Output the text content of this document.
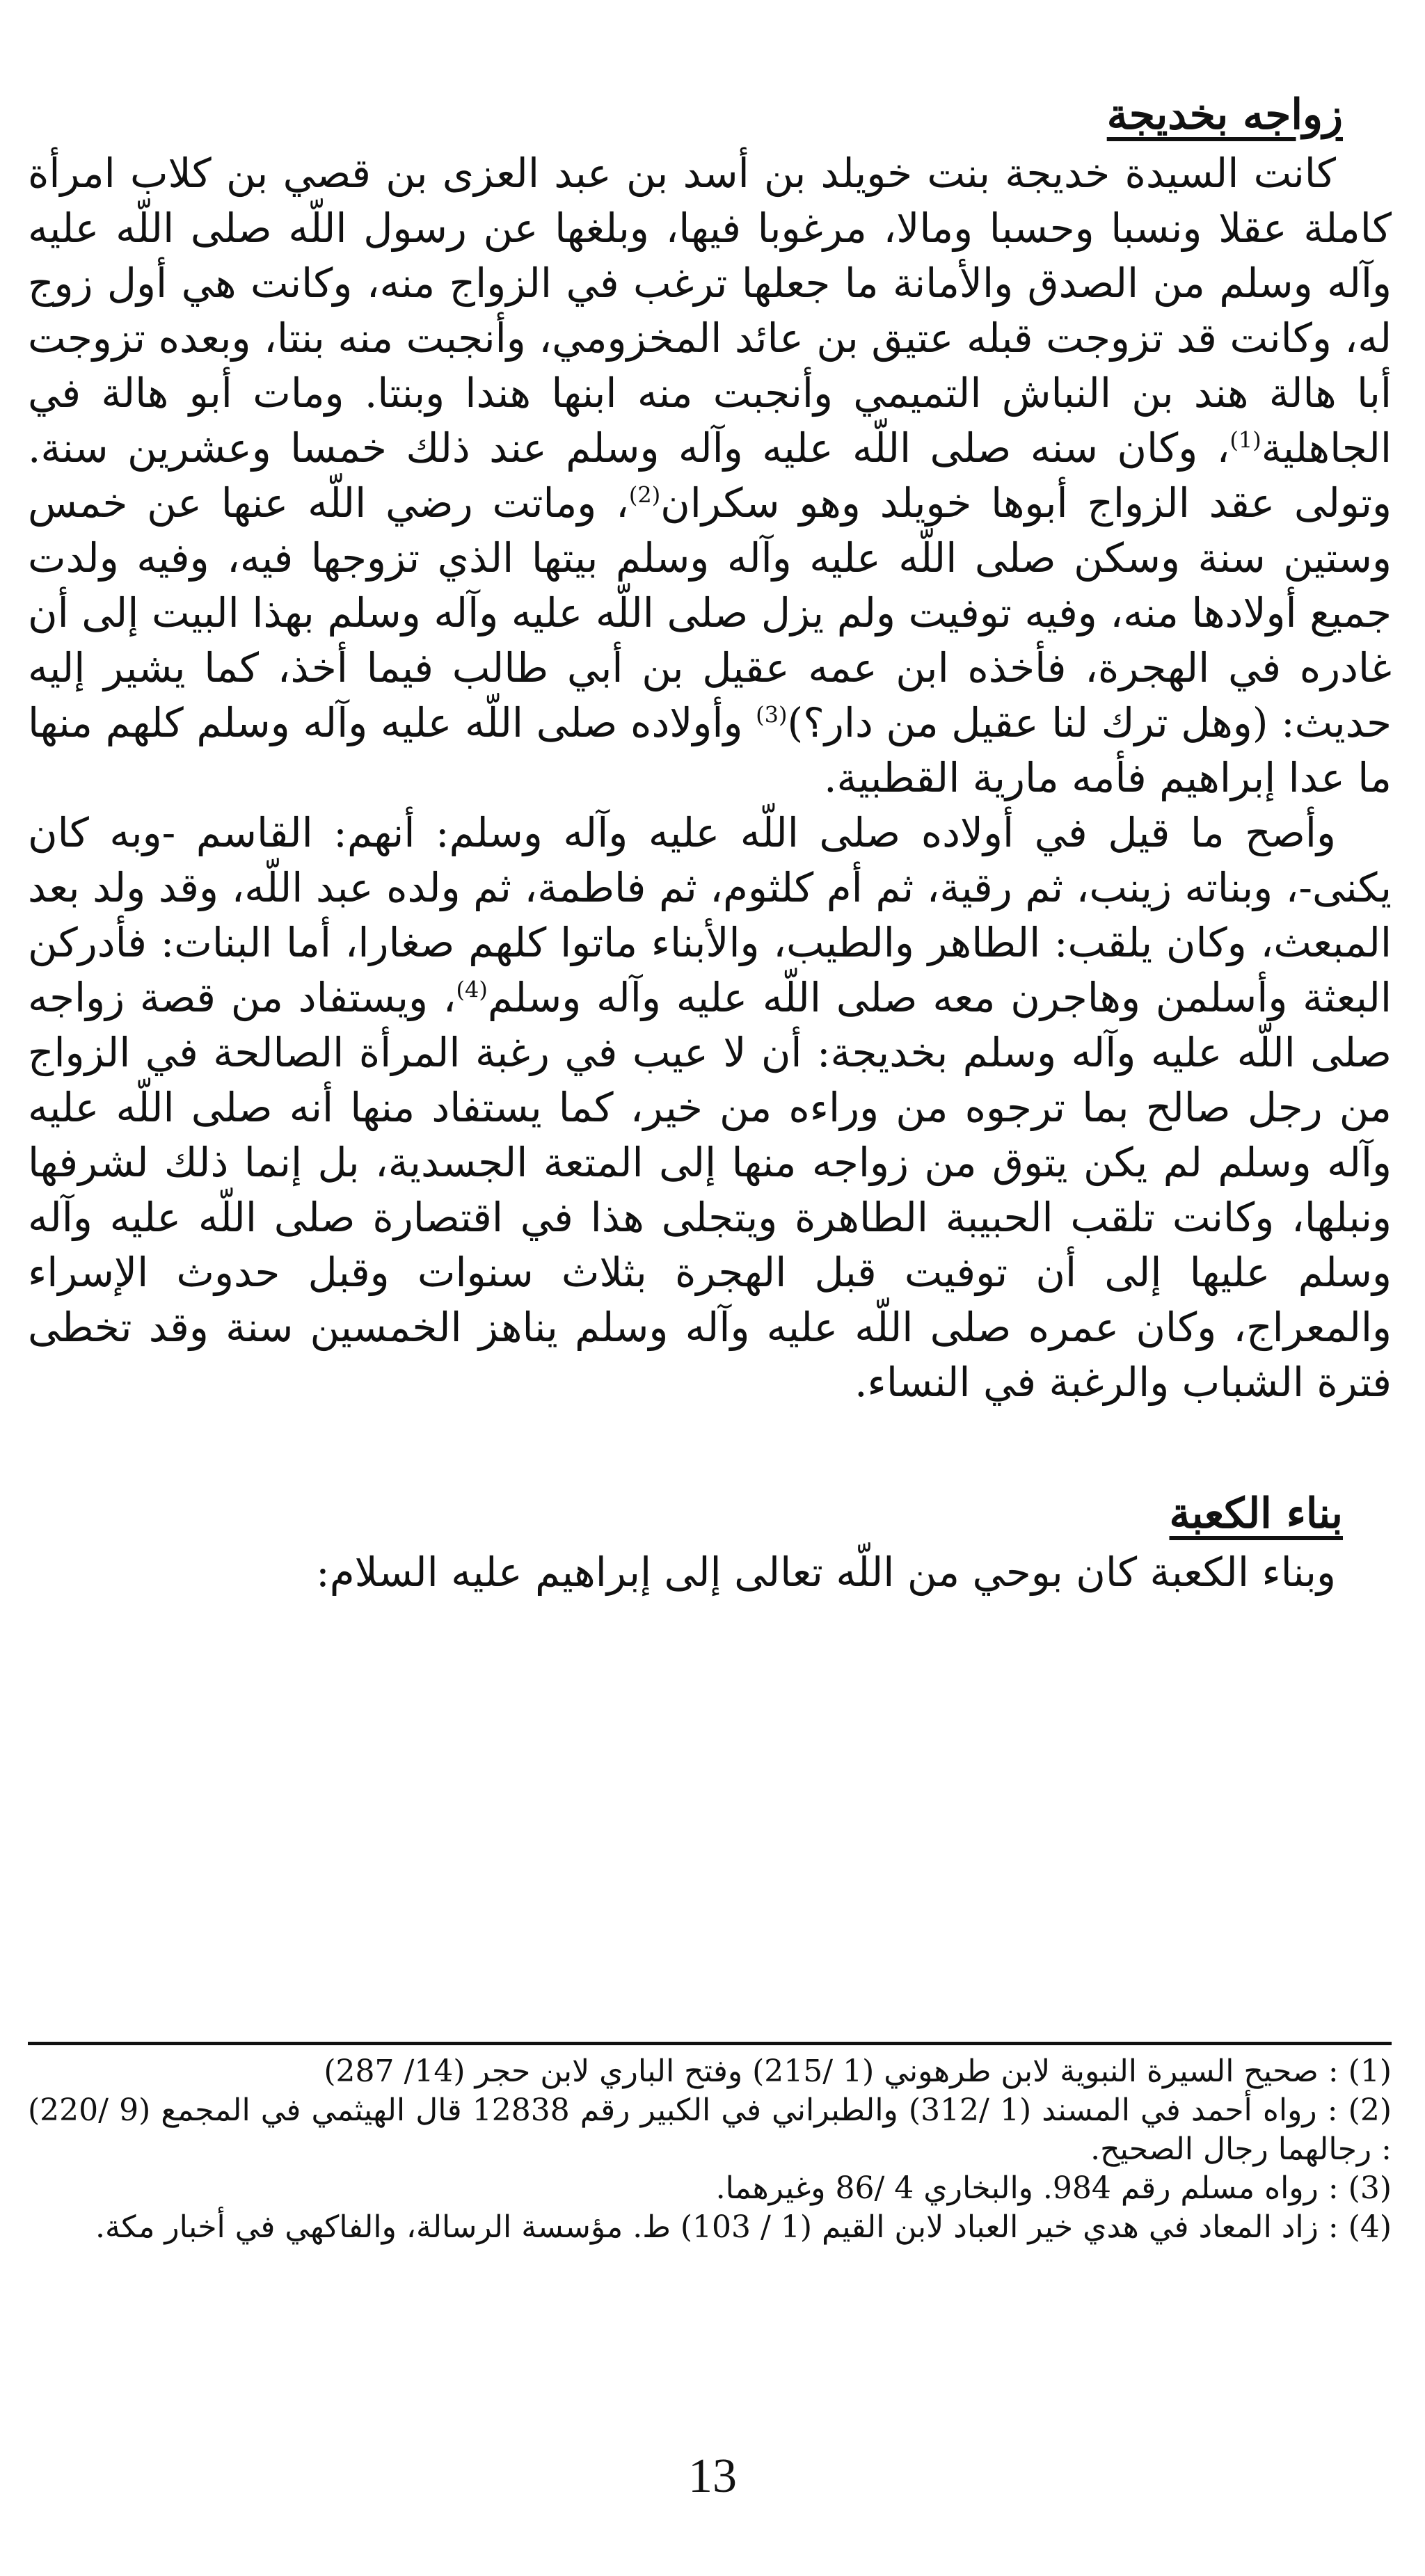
زواجه بخديجة

كانت السيدة خديجة بنت خويلد بن أسد بن عبد العزى بن قصي بن كلاب امرأة كاملة عقلا ونسبا وحسبا ومالا، مرغوبا فيها، وبلغها عن رسول اللّه صلى اللّه عليه وآله وسلم من الصدق والأمانة ما جعلها ترغب في الزواج منه، وكانت هي أول زوج له، وكانت قد تزوجت قبله عتيق بن عائد المخزومي، وأنجبت منه بنتا، وبعده تزوجت أبا هالة هند بن النباش التميمي وأنجبت منه ابنها هندا وبنتا. ومات أبو هالة في الجاهلية$^{(1)}$، وكان سنه صلى اللّه عليه وآله وسلم عند ذلك خمسا وعشرين سنة. وتولى عقد الزواج أبوها خويلد وهو سكران$^{(2)}$، وماتت رضي اللّه عنها عن خمس وستين سنة وسكن صلى اللّه عليه وآله وسلم بيتها الذي تزوجها فيه، وفيه ولدت جميع أولادها منه، وفيه توفيت ولم يزل صلى اللّه عليه وآله وسلم بهذا البيت إلى أن غادره في الهجرة، فأخذه ابن عمه عقيل بن أبي طالب فيما أخذ، كما يشير إليه حديث: (وهل ترك لنا عقيل من دار؟)$^{(3)}$ وأولاده صلى اللّه عليه وآله وسلم كلهم منها ما عدا إبراهيم فأمه مارية القطبية.

وأصح ما قيل في أولاده صلى اللّه عليه وآله وسلم: أنهم: القاسم -وبه كان يكنى-، وبناته زينب، ثم رقية، ثم أم كلثوم، ثم فاطمة، ثم ولده عبد اللّه، وقد ولد بعد المبعث، وكان يلقب: الطاهر والطيب، والأبناء ماتوا كلهم صغارا، أما البنات: فأدركن البعثة وأسلمن وهاجرن معه صلى اللّه عليه وآله وسلم$^{(4)}$، ويستفاد من قصة زواجه صلى اللّه عليه وآله وسلم بخديجة: أن لا عيب في رغبة المرأة الصالحة في الزواج من رجل صالح بما ترجوه من وراءه من خير، كما يستفاد منها أنه صلى اللّه عليه وآله وسلم لم يكن يتوق من زواجه منها إلى المتعة الجسدية، بل إنما ذلك لشرفها ونبلها، وكانت تلقب الحبيبة الطاهرة ويتجلى هذا في اقتصارة صلى اللّه عليه وآله وسلم عليها إلى أن توفيت قبل الهجرة بثلاث سنوات وقبل حدوث الإسراء والمعراج، وكان عمره صلى اللّه عليه وآله وسلم يناهز الخمسين سنة وقد تخطى فترة الشباب والرغبة في النساء.

بناء الكعبة

وبناء الكعبة كان بوحي من اللّه تعالى إلى إبراهيم عليه السلام:

(1) : صحيح السيرة النبوية لابن طرهوني (1 /215) وفتح الباري لابن حجر (14/ 287)

(2) : رواه أحمد في المسند (1 /312) والطبراني في الكبير رقم 12838 قال الهيثمي في المجمع (9 /220) : رجالهما رجال الصحيح.

(3) : رواه مسلم رقم 984. والبخاري 4 /86 وغيرهما.

(4) : زاد المعاد في هدي خير العباد لابن القيم (1 / 103) ط. مؤسسة الرسالة، والفاكهي في أخبار مكة.

13
